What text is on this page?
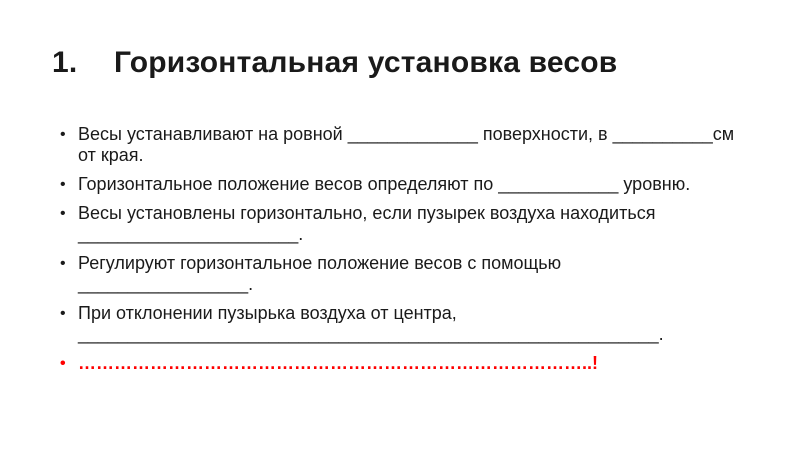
1.	Горизонтальная установка весов
• Весы устанавливают на ровной _____________ поверхности, в __________см от края.
• Горизонтальное положение весов определяют по ____________ уровню.
• Весы установлены горизонтально, если пузырек воздуха находиться ______________________.
• Регулируют горизонтальное положение весов с помощью _________________.
• При отклонении пузырька воздуха от центра, __________________________________________________________.
• …………………………………………………………………………..!
